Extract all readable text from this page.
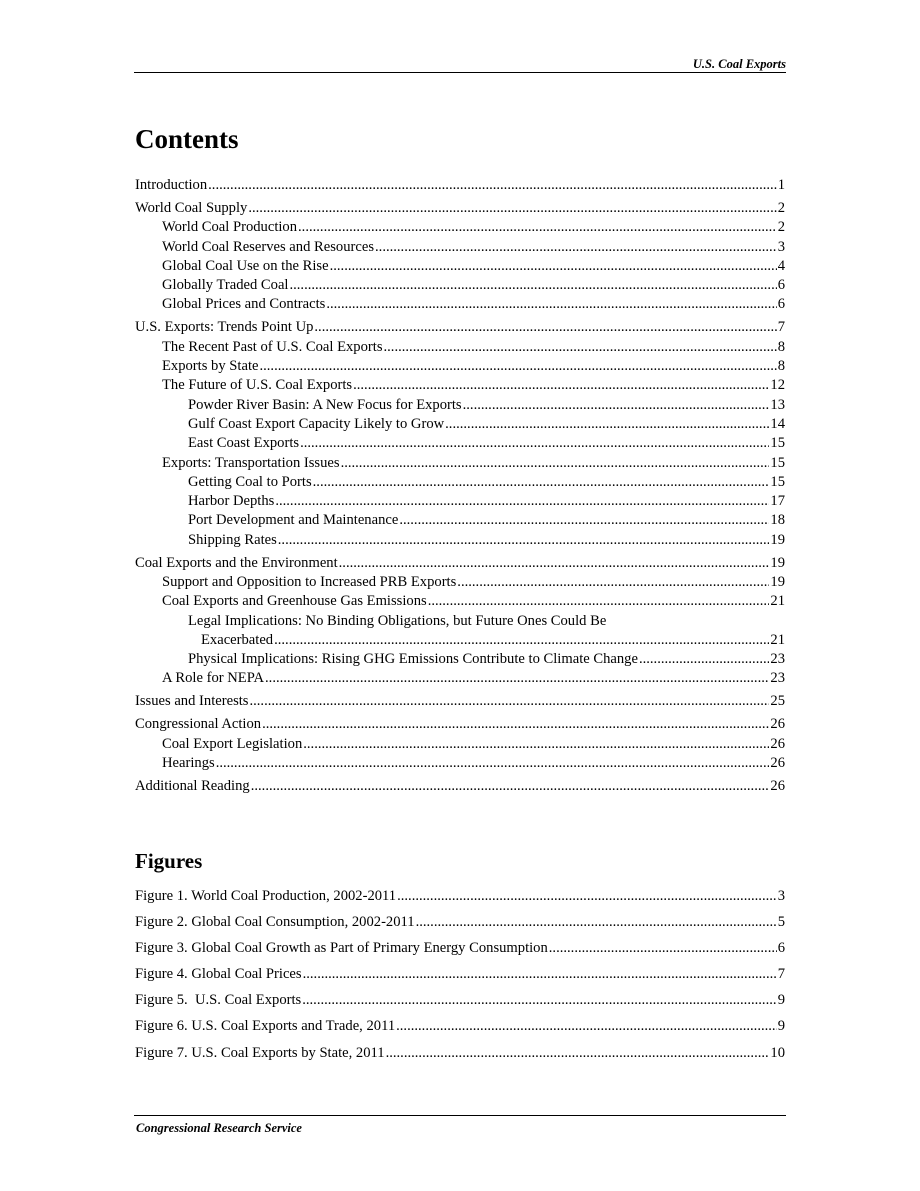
U.S. Coal Exports
Contents
Introduction .....	1
World Coal Supply .....	2
World Coal Production .....	2
World Coal Reserves and Resources .....	3
Global Coal Use on the Rise .....	4
Globally Traded Coal .....	6
Global Prices and Contracts .....	6
U.S. Exports: Trends Point Up .....	7
The Recent Past of U.S. Coal Exports .....	8
Exports by State .....	8
The Future of U.S. Coal Exports .....	12
Powder River Basin: A New Focus for Exports .....	13
Gulf Coast Export Capacity Likely to Grow .....	14
East Coast Exports .....	15
Exports: Transportation Issues .....	15
Getting Coal to Ports .....	15
Harbor Depths .....	17
Port Development and Maintenance .....	18
Shipping Rates .....	19
Coal Exports and the Environment .....	19
Support and Opposition to Increased PRB Exports .....	19
Coal Exports and Greenhouse Gas Emissions .....	21
Legal Implications: No Binding Obligations, but Future Ones Could Be
Exacerbated .....	21
Physical Implications: Rising GHG Emissions Contribute to Climate Change .....	23
A Role for NEPA .....	23
Issues and Interests .....	25
Congressional Action .....	26
Coal Export Legislation .....	26
Hearings .....	26
Additional Reading .....	26
Figures
Figure 1. World Coal Production, 2002-2011 .....	3
Figure 2. Global Coal Consumption, 2002-2011 .....	5
Figure 3. Global Coal Growth as Part of Primary Energy Consumption .....	6
Figure 4. Global Coal Prices .....	7
Figure 5.  U.S. Coal Exports .....	9
Figure 6. U.S. Coal Exports and Trade, 2011 .....	9
Figure 7. U.S. Coal Exports by State, 2011 .....	10
Congressional Research Service
